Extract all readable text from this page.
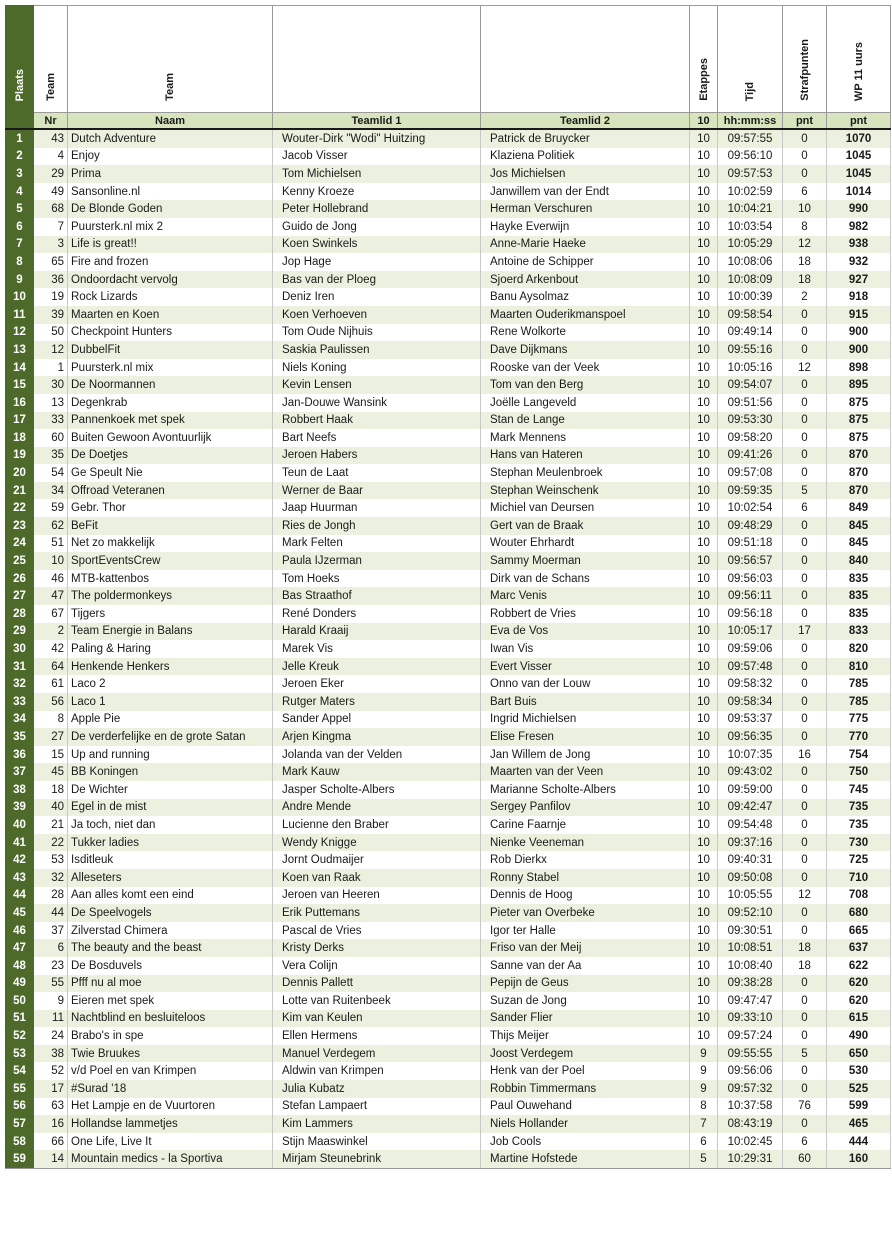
Plaats	Team	Team			Etappes	Tijd	Strafpunten	WP 11 uurs
	Nr	Naam	Teamlid 1	Teamlid 2	10	hh:mm:ss	pnt	pnt
1	43	Dutch Adventure	Wouter-Dirk "Wodi" Huitzing	Patrick de Bruycker	10	09:57:55	0	1070
2	4	Enjoy	Jacob Visser	Klaziena Politiek	10	09:56:10	0	1045
3	29	Prima	Tom Michielsen	Jos Michielsen	10	09:57:53	0	1045
4	49	Sansonline.nl	Kenny Kroeze	Janwillem van der Endt	10	10:02:59	6	1014
5	68	De Blonde Goden	Peter Hollebrand	Herman Verschuren	10	10:04:21	10	990
6	7	Puursterk.nl mix 2	Guido de Jong	Hayke Everwijn	10	10:03:54	8	982
7	3	Life is great!!	Koen Swinkels	Anne-Marie Haeke	10	10:05:29	12	938
8	65	Fire and frozen	Jop Hage	Antoine de Schipper	10	10:08:06	18	932
9	36	Ondoordacht vervolg	Bas van der Ploeg	Sjoerd Arkenbout	10	10:08:09	18	927
10	19	Rock Lizards	Deniz Iren	Banu Aysolmaz	10	10:00:39	2	918
11	39	Maarten en Koen	Koen Verhoeven	Maarten Ouderikmanspoel	10	09:58:54	0	915
12	50	Checkpoint Hunters	Tom Oude Nijhuis	Rene Wolkorte	10	09:49:14	0	900
13	12	DubbelFit	Saskia Paulissen	Dave Dijkmans	10	09:55:16	0	900
14	1	Puursterk.nl mix	Niels Koning	Rooske van der Veek	10	10:05:16	12	898
15	30	De Noormannen	Kevin Lensen	Tom van den Berg	10	09:54:07	0	895
16	13	Degenkrab	Jan-Douwe Wansink	Joëlle Langeveld	10	09:51:56	0	875
17	33	Pannenkoek met spek	Robbert Haak	Stan de Lange	10	09:53:30	0	875
18	60	Buiten Gewoon Avontuurlijk	Bart Neefs	Mark Mennens	10	09:58:20	0	875
19	35	De Doetjes	Jeroen Habers	Hans van Hateren	10	09:41:26	0	870
20	54	Ge Speult Nie	Teun de Laat	Stephan Meulenbroek	10	09:57:08	0	870
21	34	Offroad Veteranen	Werner de Baar	Stephan Weinschenk	10	09:59:35	5	870
22	59	Gebr. Thor	Jaap Huurman	Michiel van Deursen	10	10:02:54	6	849
23	62	BeFit	Ries de Jongh	Gert van de Braak	10	09:48:29	0	845
24	51	Net zo makkelijk	Mark Felten	Wouter Ehrhardt	10	09:51:18	0	845
25	10	SportEventsCrew	Paula IJzerman	Sammy Moerman	10	09:56:57	0	840
26	46	MTB-kattenbos	Tom Hoeks	Dirk van de Schans	10	09:56:03	0	835
27	47	The poldermonkeys	Bas Straathof	Marc Venis	10	09:56:11	0	835
28	67	Tijgers	René Donders	Robbert de Vries	10	09:56:18	0	835
29	2	Team Energie in Balans	Harald Kraaij	Eva de Vos	10	10:05:17	17	833
30	42	Paling & Haring	Marek Vis	Iwan Vis	10	09:59:06	0	820
31	64	Henkende Henkers	Jelle Kreuk	Evert Visser	10	09:57:48	0	810
32	61	Laco 2	Jeroen Eker	Onno van der Louw	10	09:58:32	0	785
33	56	Laco 1	Rutger Maters	Bart Buis	10	09:58:34	0	785
34	8	Apple Pie	Sander Appel	Ingrid Michielsen	10	09:53:37	0	775
35	27	De verderfelijke en de grote Satan	Arjen Kingma	Elise Fresen	10	09:56:35	0	770
36	15	Up and running	Jolanda van der Velden	Jan Willem de Jong	10	10:07:35	16	754
37	45	BB Koningen	Mark Kauw	Maarten van der Veen	10	09:43:02	0	750
38	18	De Wichter	Jasper Scholte-Albers	Marianne Scholte-Albers	10	09:59:00	0	745
39	40	Egel in de mist	Andre Mende	Sergey Panfilov	10	09:42:47	0	735
40	21	Ja toch, niet dan	Lucienne den Braber	Carine Faarnje	10	09:54:48	0	735
41	22	Tukker ladies	Wendy Knigge	Nienke Veeneman	10	09:37:16	0	730
42	53	Isditleuk	Jornt Oudmaijer	Rob Dierkx	10	09:40:31	0	725
43	32	Alleseters	Koen van Raak	Ronny Stabel	10	09:50:08	0	710
44	28	Aan alles komt een eind	Jeroen van Heeren	Dennis de Hoog	10	10:05:55	12	708
45	44	De Speelvogels	Erik Puttemans	Pieter van Overbeke	10	09:52:10	0	680
46	37	Zilverstad Chimera	Pascal de Vries	Igor ter Halle	10	09:30:51	0	665
47	6	The beauty and the beast	Kristy Derks	Friso van der Meij	10	10:08:51	18	637
48	23	De Bosduvels	Vera Colijn	Sanne van der Aa	10	10:08:40	18	622
49	55	Pfff nu al moe	Dennis Pallett	Pepijn de Geus	10	09:38:28	0	620
50	9	Eieren met spek	Lotte van Ruitenbeek	Suzan de Jong	10	09:47:47	0	620
51	11	Nachtblind en besluiteloos	Kim van Keulen	Sander Flier	10	09:33:10	0	615
52	24	Brabo's in spe	Ellen Hermens	Thijs Meijer	10	09:57:24	0	490
53	38	Twie Bruukes	Manuel Verdegem	Joost Verdegem	9	09:55:55	5	650
54	52	v/d Poel en van Krimpen	Aldwin van Krimpen	Henk van der Poel	9	09:56:06	0	530
55	17	#Surad '18	Julia Kubatz	Robbin Timmermans	9	09:57:32	0	525
56	63	Het Lampje en de Vuurtoren	Stefan Lampaert	Paul Ouwehand	8	10:37:58	76	599
57	16	Hollandse lammetjes	Kim Lammers	Niels Hollander	7	08:43:19	0	465
58	66	One Life, Live It	Stijn Maaswinkel	Job Cools	6	10:02:45	6	444
59	14	Mountain medics - la Sportiva	Mirjam Steunebrink	Martine Hofstede	5	10:29:31	60	160
